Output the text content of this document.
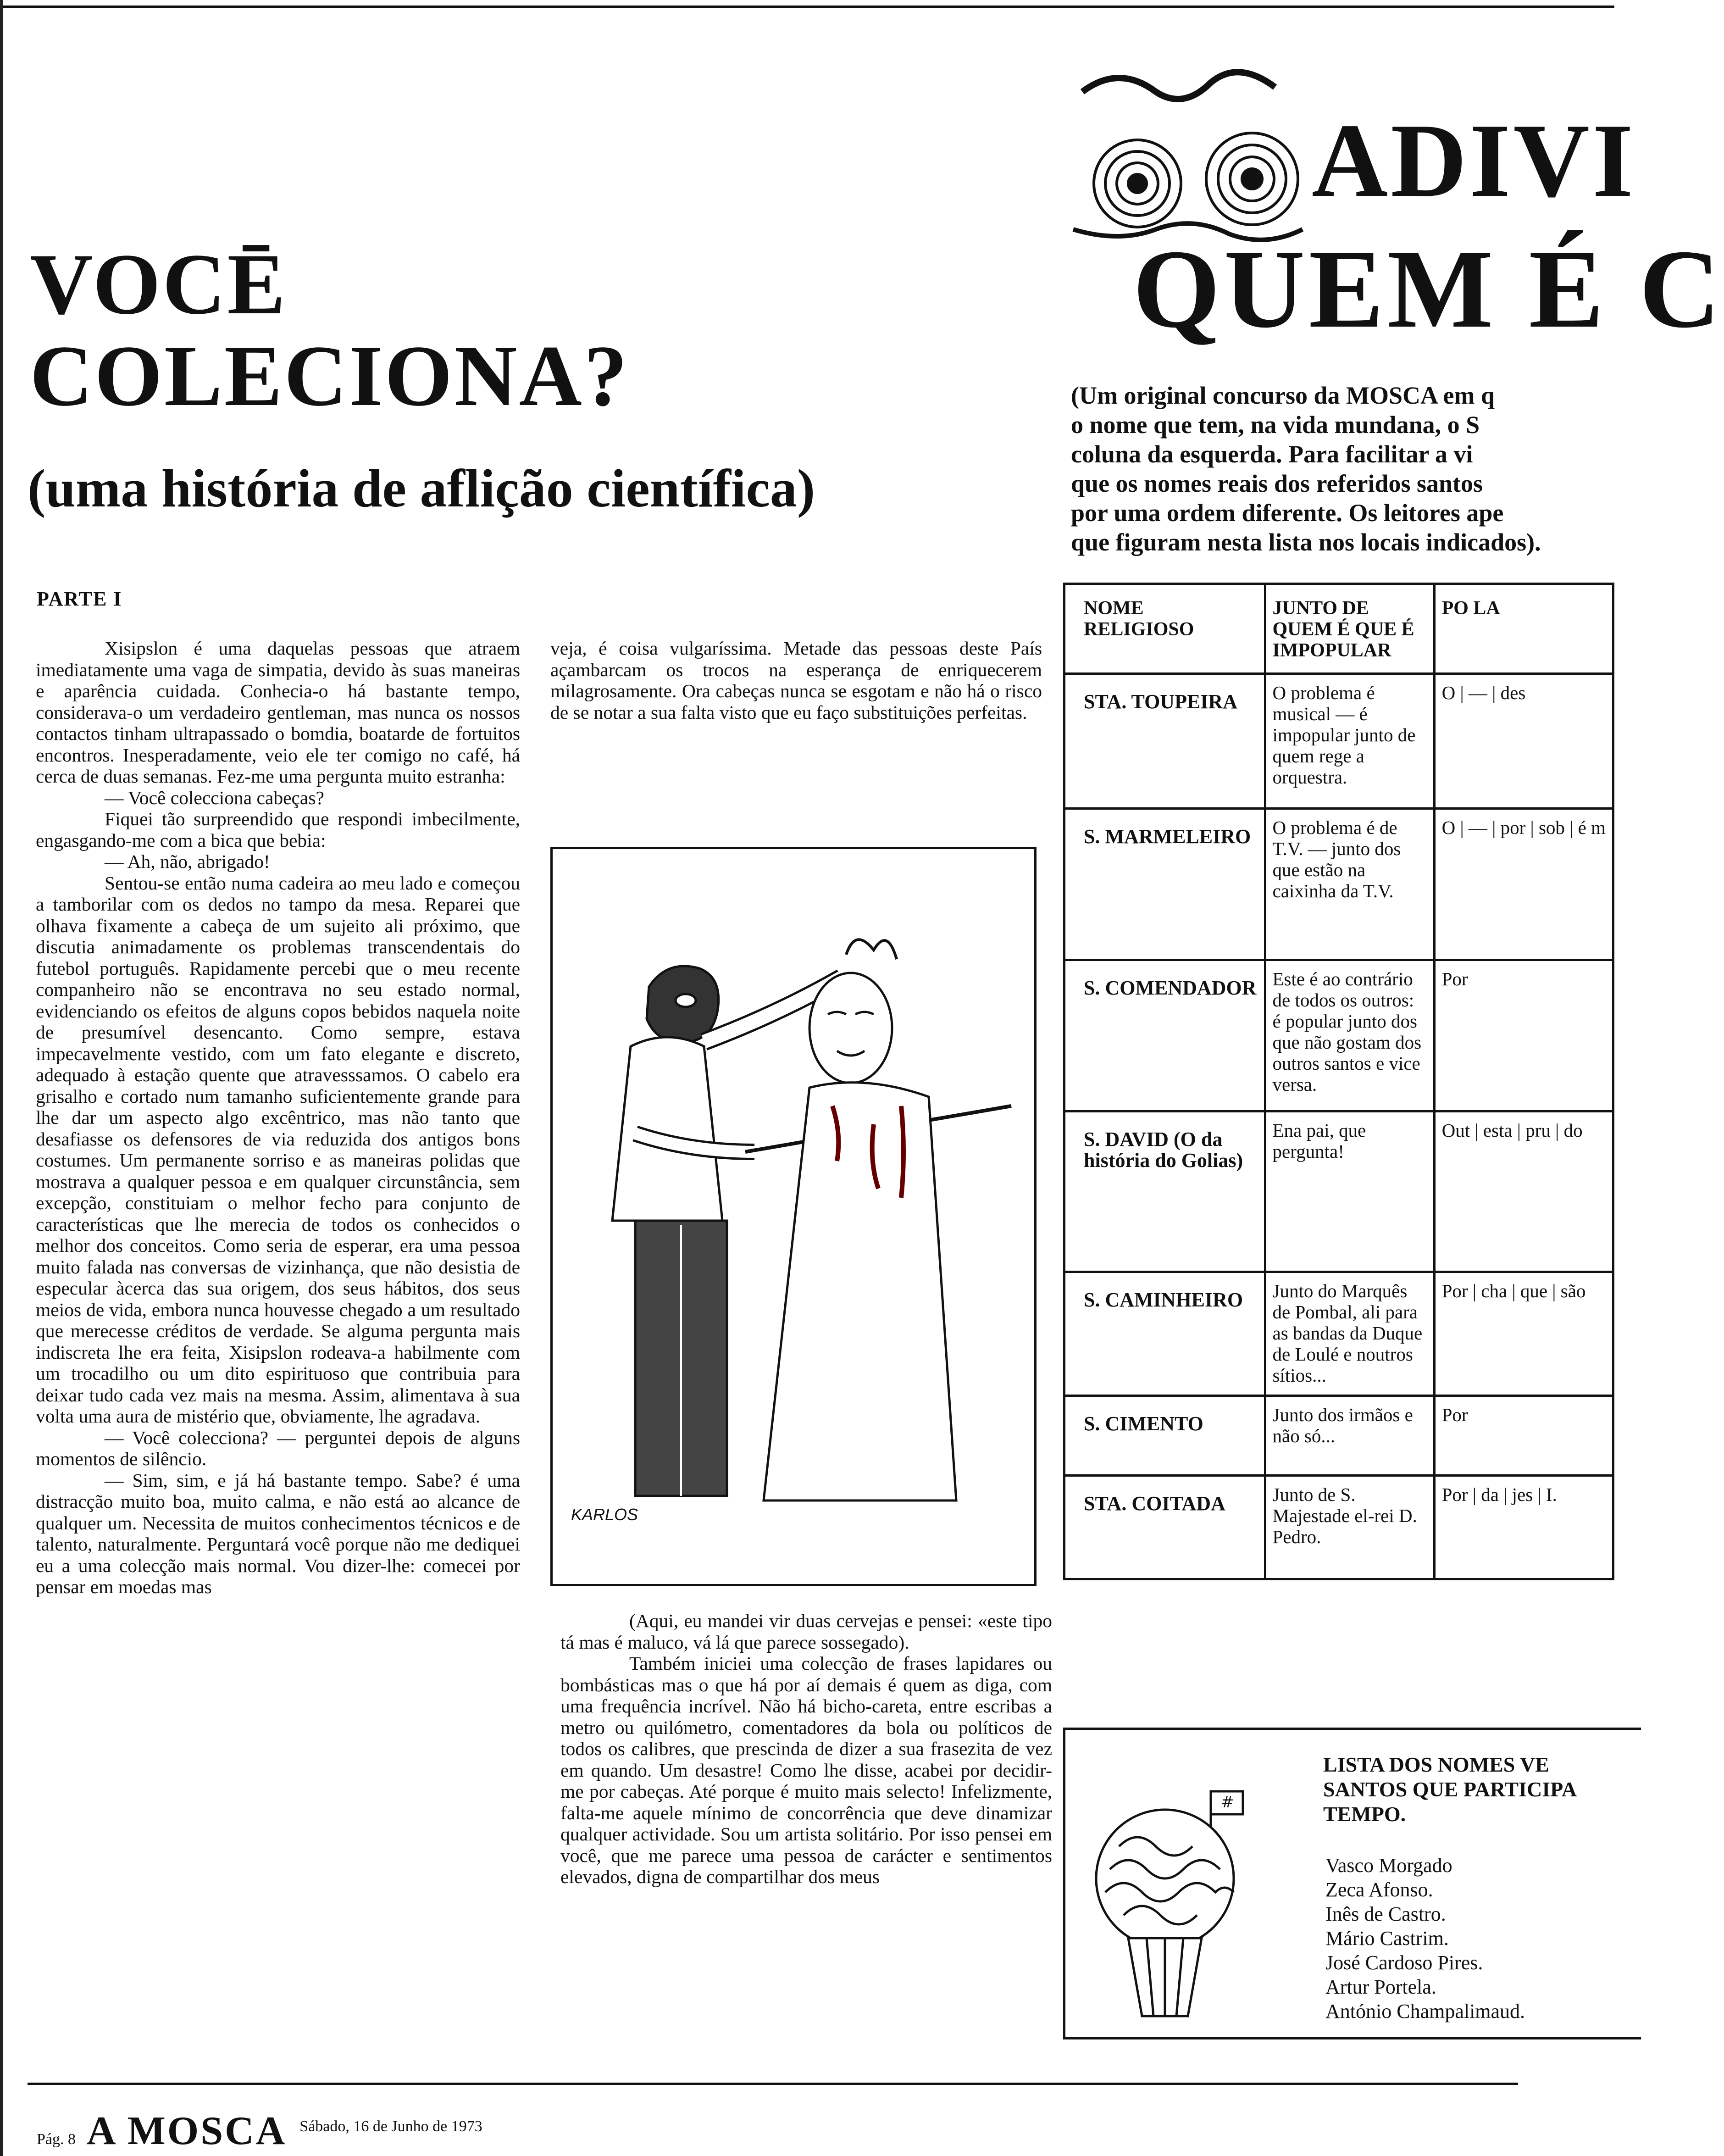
VOCĒ
COLECIONA?
(uma história de aflição científica)
PARTE I

Xisipslon é uma daquelas pessoas que atraem imediatamente uma vaga de simpatia, devido às suas maneiras e aparência cuidada. Conhecia-o há bastante tempo, considerava-o um verdadeiro gentleman, mas nunca os nossos contactos tinham ultrapassado o bomdia, boatarde de fortuitos encontros. Inesperadamente, veio ele ter comigo no café, há cerca de duas semanas. Fez-me uma pergunta muito estranha:

— Você colecciona cabeças?

Fiquei tão surpreendido que respondi imbecilmente, engasgando-me com a bica que bebia:

— Ah, não, abrigado!

Sentou-se então numa cadeira ao meu lado e começou a tamborilar com os dedos no tampo da mesa. Reparei que olhava fixamente a cabeça de um sujeito ali próximo, que discutia animadamente os problemas transcendentais do futebol português. Rapidamente percebi que o meu recente companheiro não se encontrava no seu estado normal, evidenciando os efeitos de alguns copos bebidos naquela noite de presumível desencanto. Como sempre, estava impecavelmente vestido, com um fato elegante e discreto, adequado à estação quente que atravesssamos. O cabelo era grisalho e cortado num tamanho suficientemente grande para lhe dar um aspecto algo excêntrico, mas não tanto que desafiasse os defensores de via reduzida dos antigos bons costumes. Um permanente sorriso e as maneiras polidas que mostrava a qualquer pessoa e em qualquer circunstância, sem excepção, constituiam o melhor fecho para conjunto de características que lhe merecia de todos os conhecidos o melhor dos conceitos. Como seria de esperar, era uma pessoa muito falada nas conversas de vizinhança, que não desistia de especular àcerca das sua origem, dos seus hábitos, dos seus meios de vida, embora nunca houvesse chegado a um resultado que merecesse créditos de verdade. Se alguma pergunta mais indiscreta lhe era feita, Xisipslon rodeava-a habilmente com um trocadilho ou um dito espirituoso que contribuia para deixar tudo cada vez mais na mesma. Assim, alimentava à sua volta uma aura de mistério que, obviamente, lhe agradava.

— Você colecciona? — perguntei depois de alguns momentos de silêncio.

— Sim, sim, e já há bastante tempo. Sabe? é uma distracção muito boa, muito calma, e não está ao alcance de qualquer um. Necessita de muitos conhecimentos técnicos e de talento, naturalmente. Perguntará você porque não me dediquei eu a uma colecção mais normal. Vou dizer-lhe: comecei por pensar em moedas mas

veja, é coisa vulgaríssima. Metade das pessoas deste País açambarcam os trocos na esperança de enriquecerem milagrosamente. Ora cabeças nunca se esgotam e não há o risco de se notar a sua falta visto que eu faço substituições perfeitas.

KARLOS

(Aqui, eu mandei vir duas cervejas e pensei: «este tipo tá mas é maluco, vá lá que parece sossegado).

Também iniciei uma colecção de frases lapidares ou bombásticas mas o que há por aí demais é quem as diga, com uma frequência incrível. Não há bicho-careta, entre escribas a metro ou quilómetro, comentadores da bola ou políticos de todos os calibres, que prescinda de dizer a sua frasezita de vez em quando. Um desastre! Como lhe disse, acabei por decidir-me por cabeças. Até porque é muito mais selecto! Infelizmente, falta-me aquele mínimo de concorrência que deve dinamizar qualquer actividade. Sou um artista solitário. Por isso pensei em você, que me parece uma pessoa de carácter e sentimentos elevados, digna de compartilhar dos meus

ADIVI
QUEM É C
(Um original concurso da MOSCA em q
o nome que tem, na vida mundana, o S
coluna da esquerda. Para facilitar a vi
que os nomes reais dos referidos santos
por uma ordem diferente. Os leitores ape
que figuram nesta lista nos locais indicados).
NOME RELIGIOSO	JUNTO DE QUEM É QUE É IMPOPULAR	PO LA
STA. TOUPEIRA	O problema é musical — é impopular junto de quem rege a orquestra.	O | — | des
S. MARMELEIRO	O problema é de T.V. — junto dos que estão na caixinha da T.V.	O | — | por | sob | é m
S. COMENDADOR	Este é ao contrário de todos os outros: é popular junto dos que não gostam dos outros santos e vice versa.	Por
S. DAVID (O da história do Golias)	Ena pai, que pergunta!	Out | esta | pru | do
S. CAMINHEIRO	Junto do Marquês de Pombal, ali para as bandas da Duque de Loulé e noutros sítios...	Por | cha | que | são
S. CIMENTO	Junto dos irmãos e não só...	Por
STA. COITADA	Junto de S. Majestade el-rei D. Pedro.	Por | da | jes | I.
#
LISTA DOS NOMES VE
SANTOS QUE PARTICIPA
TEMPO.
Vasco Morgado
Zeca Afonso.
Inês de Castro.
Mário Castrim.
José Cardoso Pires.
Artur Portela.
António Champalimaud.
Pág. 8 A MOSCA Sábado, 16 de Junho de 1973
